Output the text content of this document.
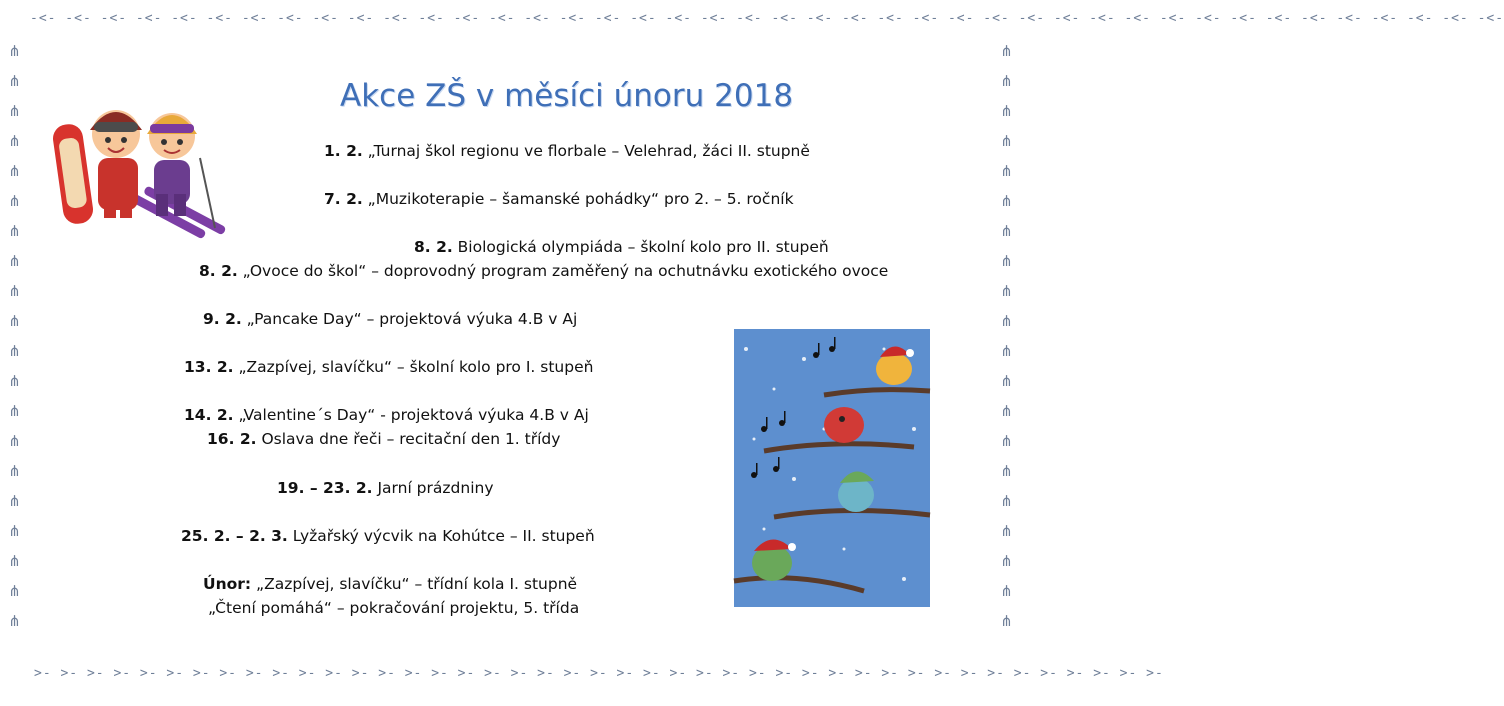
-<- -<- -<- -<- -<- -<- -<- -<- -<- -<- -<- -<- -<- -<- -<- -<- -<- -<- -<- -<- -<- -<- -<- -<- -<- -<- -<- -<- -<- -<- -<- -<- -<- -<- -<- -<- -<- -<- -<- -<- -<- -<-
>- >- >- >- >- >- >- >- >- >- >- >- >- >- >- >- >- >- >- >- >- >- >- >- >- >- >- >- >- >- >- >- >- >- >- >- >- >- >- >- >- >- >-
⋔
⋔
⋔
⋔
⋔
⋔
⋔
⋔
⋔
⋔
⋔
⋔
⋔
⋔
⋔
⋔
⋔
⋔
⋔
⋔
⋔
⋔
⋔
⋔
⋔
⋔
⋔
⋔
⋔
⋔
⋔
⋔
⋔
⋔
⋔
⋔
⋔
⋔
⋔
⋔
Akce ZŠ v měsíci únoru 2018
1. 2. „Turnaj škol regionu ve florbale – Velehrad, žáci II. stupně
7. 2. „Muzikoterapie – šamanské pohádky“ pro 2. – 5. ročník
8. 2. Biologická olympiáda – školní kolo pro II. stupeň
8. 2. „Ovoce do škol“ – doprovodný program zaměřený na ochutnávku exotického ovoce
9. 2. „Pancake Day“ – projektová výuka 4.B v Aj
13. 2. „Zazpívej, slavíčku“ – školní kolo pro I. stupeň
14. 2. „Valentine´s Day“ - projektová výuka 4.B v Aj
16. 2. Oslava dne řeči – recitační den 1. třídy
19. – 23. 2. Jarní prázdniny
25. 2. – 2. 3. Lyžařský výcvik na Kohútce – II. stupeň
Únor: „Zazpívej, slavíčku“ – třídní kola I. stupně
„Čtení pomáhá“ – pokračování projektu, 5. třída
